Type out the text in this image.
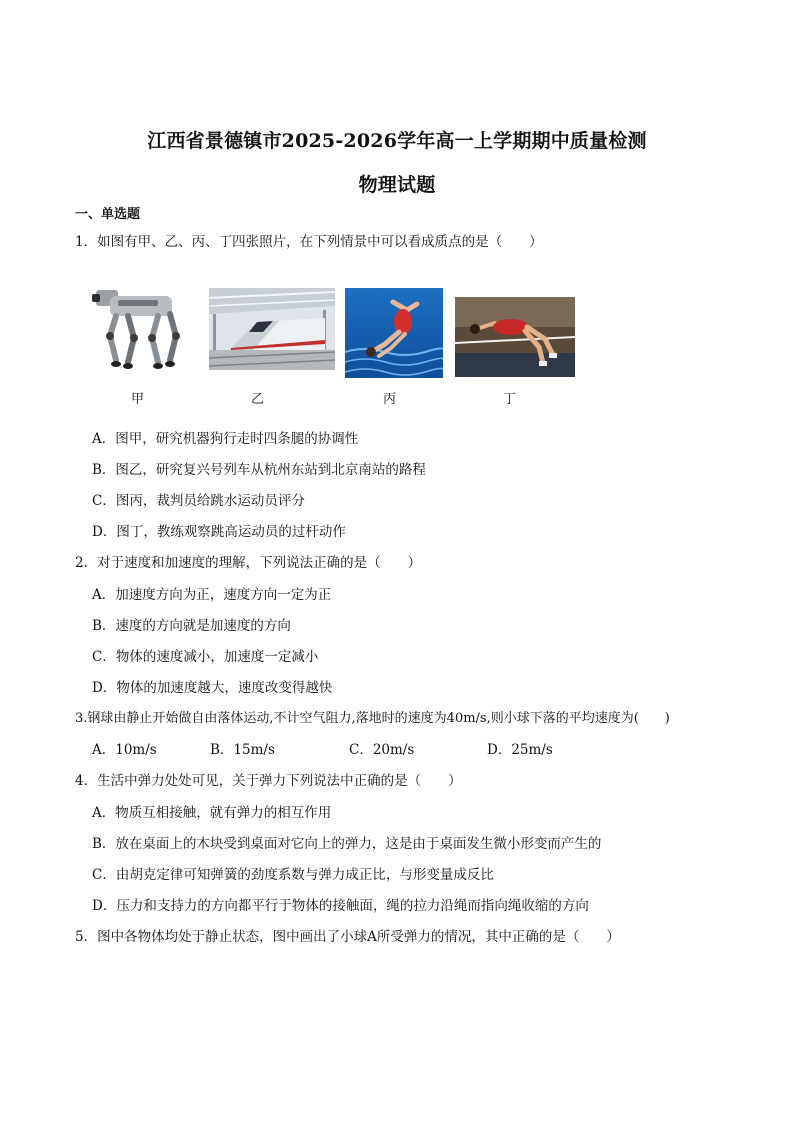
江西省景德镇市2025-2026学年高一上学期期中质量检测
物理试题
一、单选题
1．如图有甲、乙、丙、丁四张照片，在下列情景中可以看成质点的是（　　）
甲	乙	丙	丁
A．图甲，研究机器狗行走时四条腿的协调性
B．图乙，研究复兴号列车从杭州东站到北京南站的路程
C．图丙，裁判员给跳水运动员评分
D．图丁，教练观察跳高运动员的过杆动作
2．对于速度和加速度的理解，下列说法正确的是（　　）
A．加速度方向为正，速度方向一定为正
B．速度的方向就是加速度的方向
C．物体的速度减小，加速度一定减小
D．物体的加速度越大，速度改变得越快
3.钢球由静止开始做自由落体运动,不计空气阻力,落地时的速度为40m/s,则小球下落的平均速度为(　　)
A．10m/s	B．15m/s	C．20m/s	D．25m/s
4．生活中弹力处处可见，关于弹力下列说法中正确的是（　　）
A．物质互相接触，就有弹力的相互作用
B．放在桌面上的木块受到桌面对它向上的弹力，这是由于桌面发生微小形变而产生的
C．由胡克定律可知弹簧的劲度系数与弹力成正比，与形变量成反比
D．压力和支持力的方向都平行于物体的接触面，绳的拉力沿绳而指向绳收缩的方向
5．图中各物体均处于静止状态，图中画出了小球A所受弹力的情况，其中正确的是（　　）
